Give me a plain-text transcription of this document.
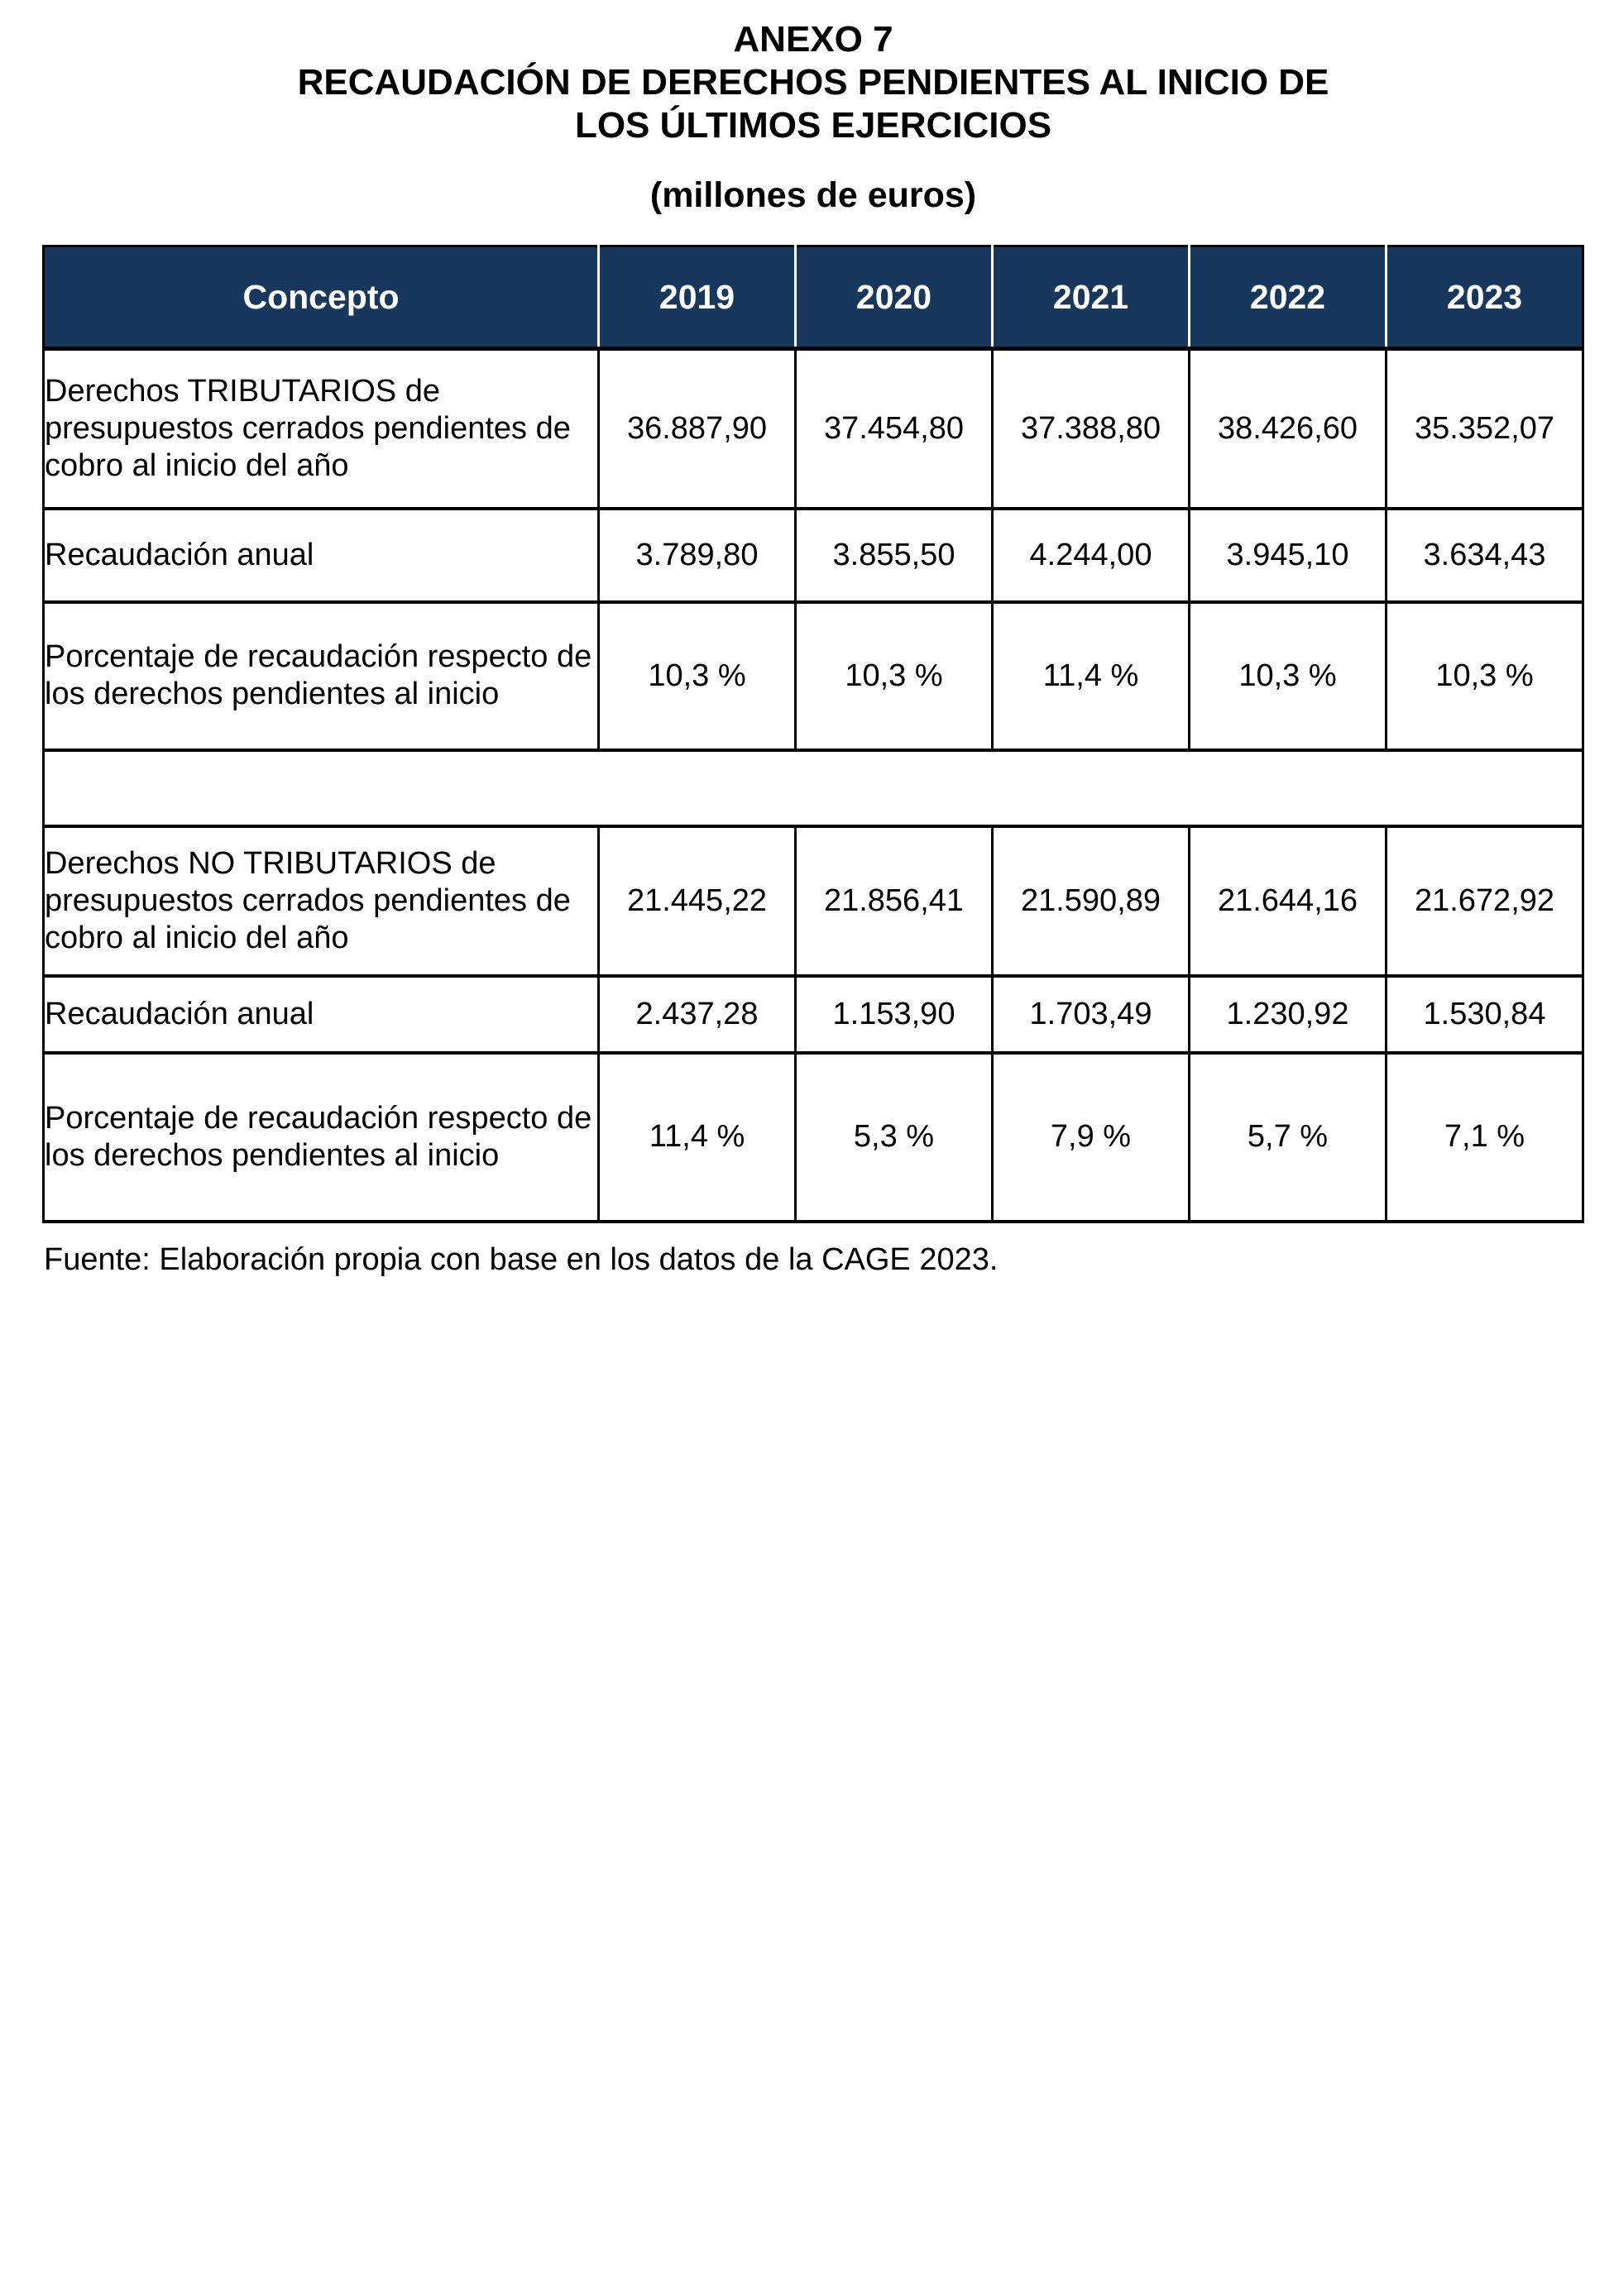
ANEXO 7
RECAUDACIÓN DE DERECHOS PENDIENTES AL INICIO DE
LOS ÚLTIMOS EJERCICIOS
(millones de euros)
Concepto	2019	2020	2021	2022	2023
Derechos TRIBUTARIOS de presupuestos cerrados pendientes de cobro al inicio del año	36.887,90	37.454,80	37.388,80	38.426,60	35.352,07
Recaudación anual	3.789,80	3.855,50	4.244,00	3.945,10	3.634,43
Porcentaje de recaudación respecto de los derechos pendientes al inicio	10,3 %	10,3 %	11,4 %	10,3 %	10,3 %

Derechos NO TRIBUTARIOS de presupuestos cerrados pendientes de cobro al inicio del año	21.445,22	21.856,41	21.590,89	21.644,16	21.672,92
Recaudación anual	2.437,28	1.153,90	1.703,49	1.230,92	1.530,84
Porcentaje de recaudación respecto de los derechos pendientes al inicio	11,4 %	5,3 %	7,9 %	5,7 %	7,1 %
Fuente: Elaboración propia con base en los datos de la CAGE 2023.
